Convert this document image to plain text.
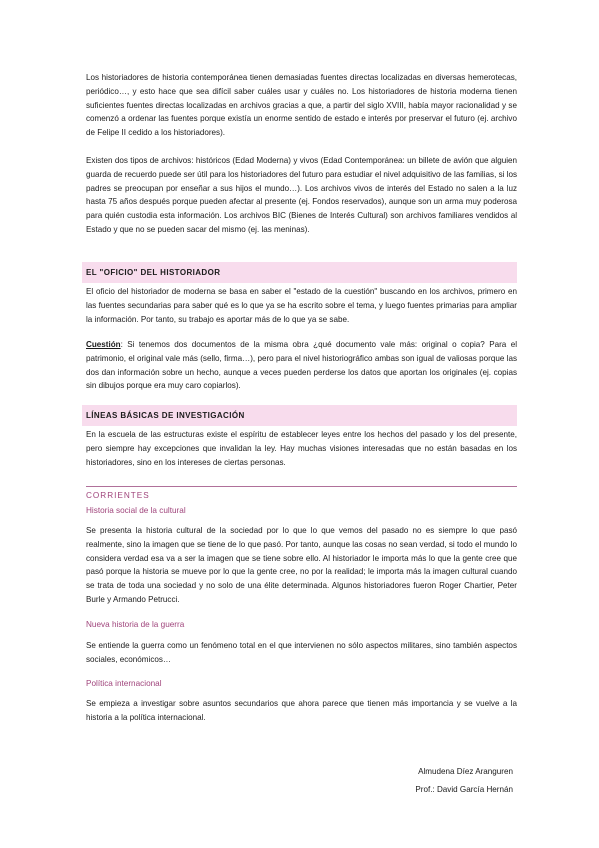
Los historiadores de historia contemporánea tienen demasiadas fuentes directas localizadas en diversas hemerotecas, periódico…, y esto hace que sea difícil saber cuáles usar y cuáles no. Los historiadores de historia moderna tienen suficientes fuentes directas localizadas en archivos gracias a que, a partir del siglo XVIII, había mayor racionalidad y se comenzó a ordenar las fuentes porque existía un enorme sentido de estado e interés por preservar el futuro (ej. archivo de Felipe II cedido a los historiadores).

Existen dos tipos de archivos: históricos (Edad Moderna) y vivos (Edad Contemporánea: un billete de avión que alguien guarda de recuerdo puede ser útil para los historiadores del futuro para estudiar el nivel adquisitivo de las familias, si los padres se preocupan por enseñar a sus hijos el mundo…). Los archivos vivos de interés del Estado no salen a la luz hasta 75 años después porque pueden afectar al presente (ej. Fondos reservados), aunque son un arma muy poderosa para quién custodia esta información. Los archivos BIC (Bienes de Interés Cultural) son archivos familiares vendidos al Estado y que no se pueden sacar del mismo (ej. las meninas).

EL "OFICIO" DEL HISTORIADOR

El oficio del historiador de moderna se basa en saber el "estado de la cuestión" buscando en los archivos, primero en las fuentes secundarias para saber qué es lo que ya se ha escrito sobre el tema, y luego fuentes primarias para ampliar la información. Por tanto, su trabajo es aportar más de lo que ya se sabe.

Cuestión: Si tenemos dos documentos de la misma obra ¿qué documento vale más: original o copia? Para el patrimonio, el original vale más (sello, firma…), pero para el nivel historiográfico ambas son igual de valiosas porque las dos dan información sobre un hecho, aunque a veces pueden perderse los datos que aportan los originales (ej. copias sin dibujos porque era muy caro copiarlos).

LÍNEAS BÁSICAS DE INVESTIGACIÓN

En la escuela de las estructuras existe el espíritu de establecer leyes entre los hechos del pasado y los del presente, pero siempre hay excepciones que invalidan la ley. Hay muchas visiones interesadas que no están basadas en los historiadores, sino en los intereses de ciertas personas.

CORRIENTES
Historia social de la cultural

Se presenta la historia cultural de la sociedad por lo que lo que vemos del pasado no es siempre lo que pasó realmente, sino la imagen que se tiene de lo que pasó. Por tanto, aunque las cosas no sean verdad, si todo el mundo lo considera verdad esa va a ser la imagen que se tiene sobre ello. Al historiador le importa más lo que la gente cree que pasó porque la historia se mueve por lo que la gente cree, no por la realidad; le importa más la imagen cultural cuando se trata de toda una sociedad y no solo de una élite determinada. Algunos historiadores fueron Roger Chartier, Peter Burle y Armando Petrucci.

Nueva historia de la guerra

Se entiende la guerra como un fenómeno total en el que intervienen no sólo aspectos militares, sino también aspectos sociales, económicos…

Política internacional

Se empieza a investigar sobre asuntos secundarios que ahora parece que tienen más importancia y se vuelve a la historia a la política internacional.

Almudena Díez Aranguren
Prof.: David García Hernán
